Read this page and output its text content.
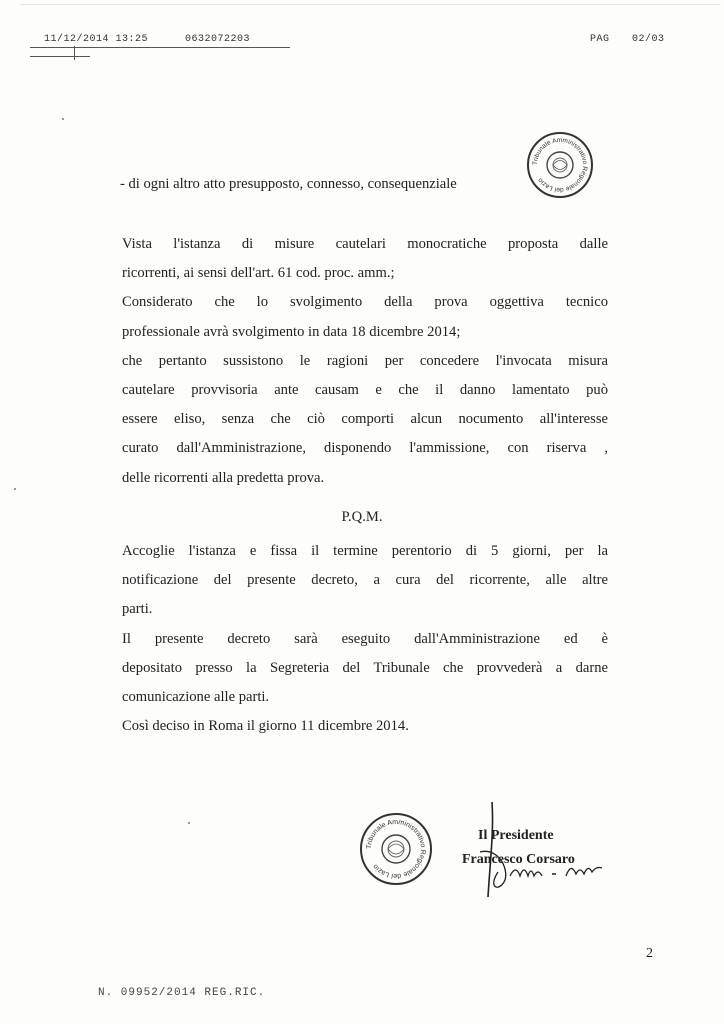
11/12/2014 13:25	0632072203	PAG 02/03
Tribunale Amministrativo Regionale del Lazio
- di ogni altro atto presupposto, connesso, consequenziale
Vista l'istanza di misure cautelari monocratiche proposta dalle
ricorrenti, ai sensi dell'art. 61 cod. proc. amm.;
Considerato che lo svolgimento della prova oggettiva tecnico
professionale avrà svolgimento in data 18 dicembre 2014;
che pertanto sussistono le ragioni per concedere l'invocata misura
cautelare provvisoria ante causam e che il danno lamentato può
essere eliso, senza che ciò comporti alcun nocumento all'interesse
curato dall'Amministrazione, disponendo l'ammissione, con riserva ,
delle ricorrenti alla predetta prova.
P.Q.M.
Accoglie l'istanza e fissa il termine perentorio di 5 giorni, per la
notificazione del presente decreto, a cura del ricorrente, alle altre
parti.
Il presente decreto sarà eseguito dall'Amministrazione ed è
depositato presso la Segreteria del Tribunale che provvederà a darne
comunicazione alle parti.
Così deciso in Roma il giorno 11 dicembre 2014.
Tribunale Amministrativo Regionale del Lazio
Il Presidente
Francesco Corsaro
2
N. 09952/2014 REG.RIC.
